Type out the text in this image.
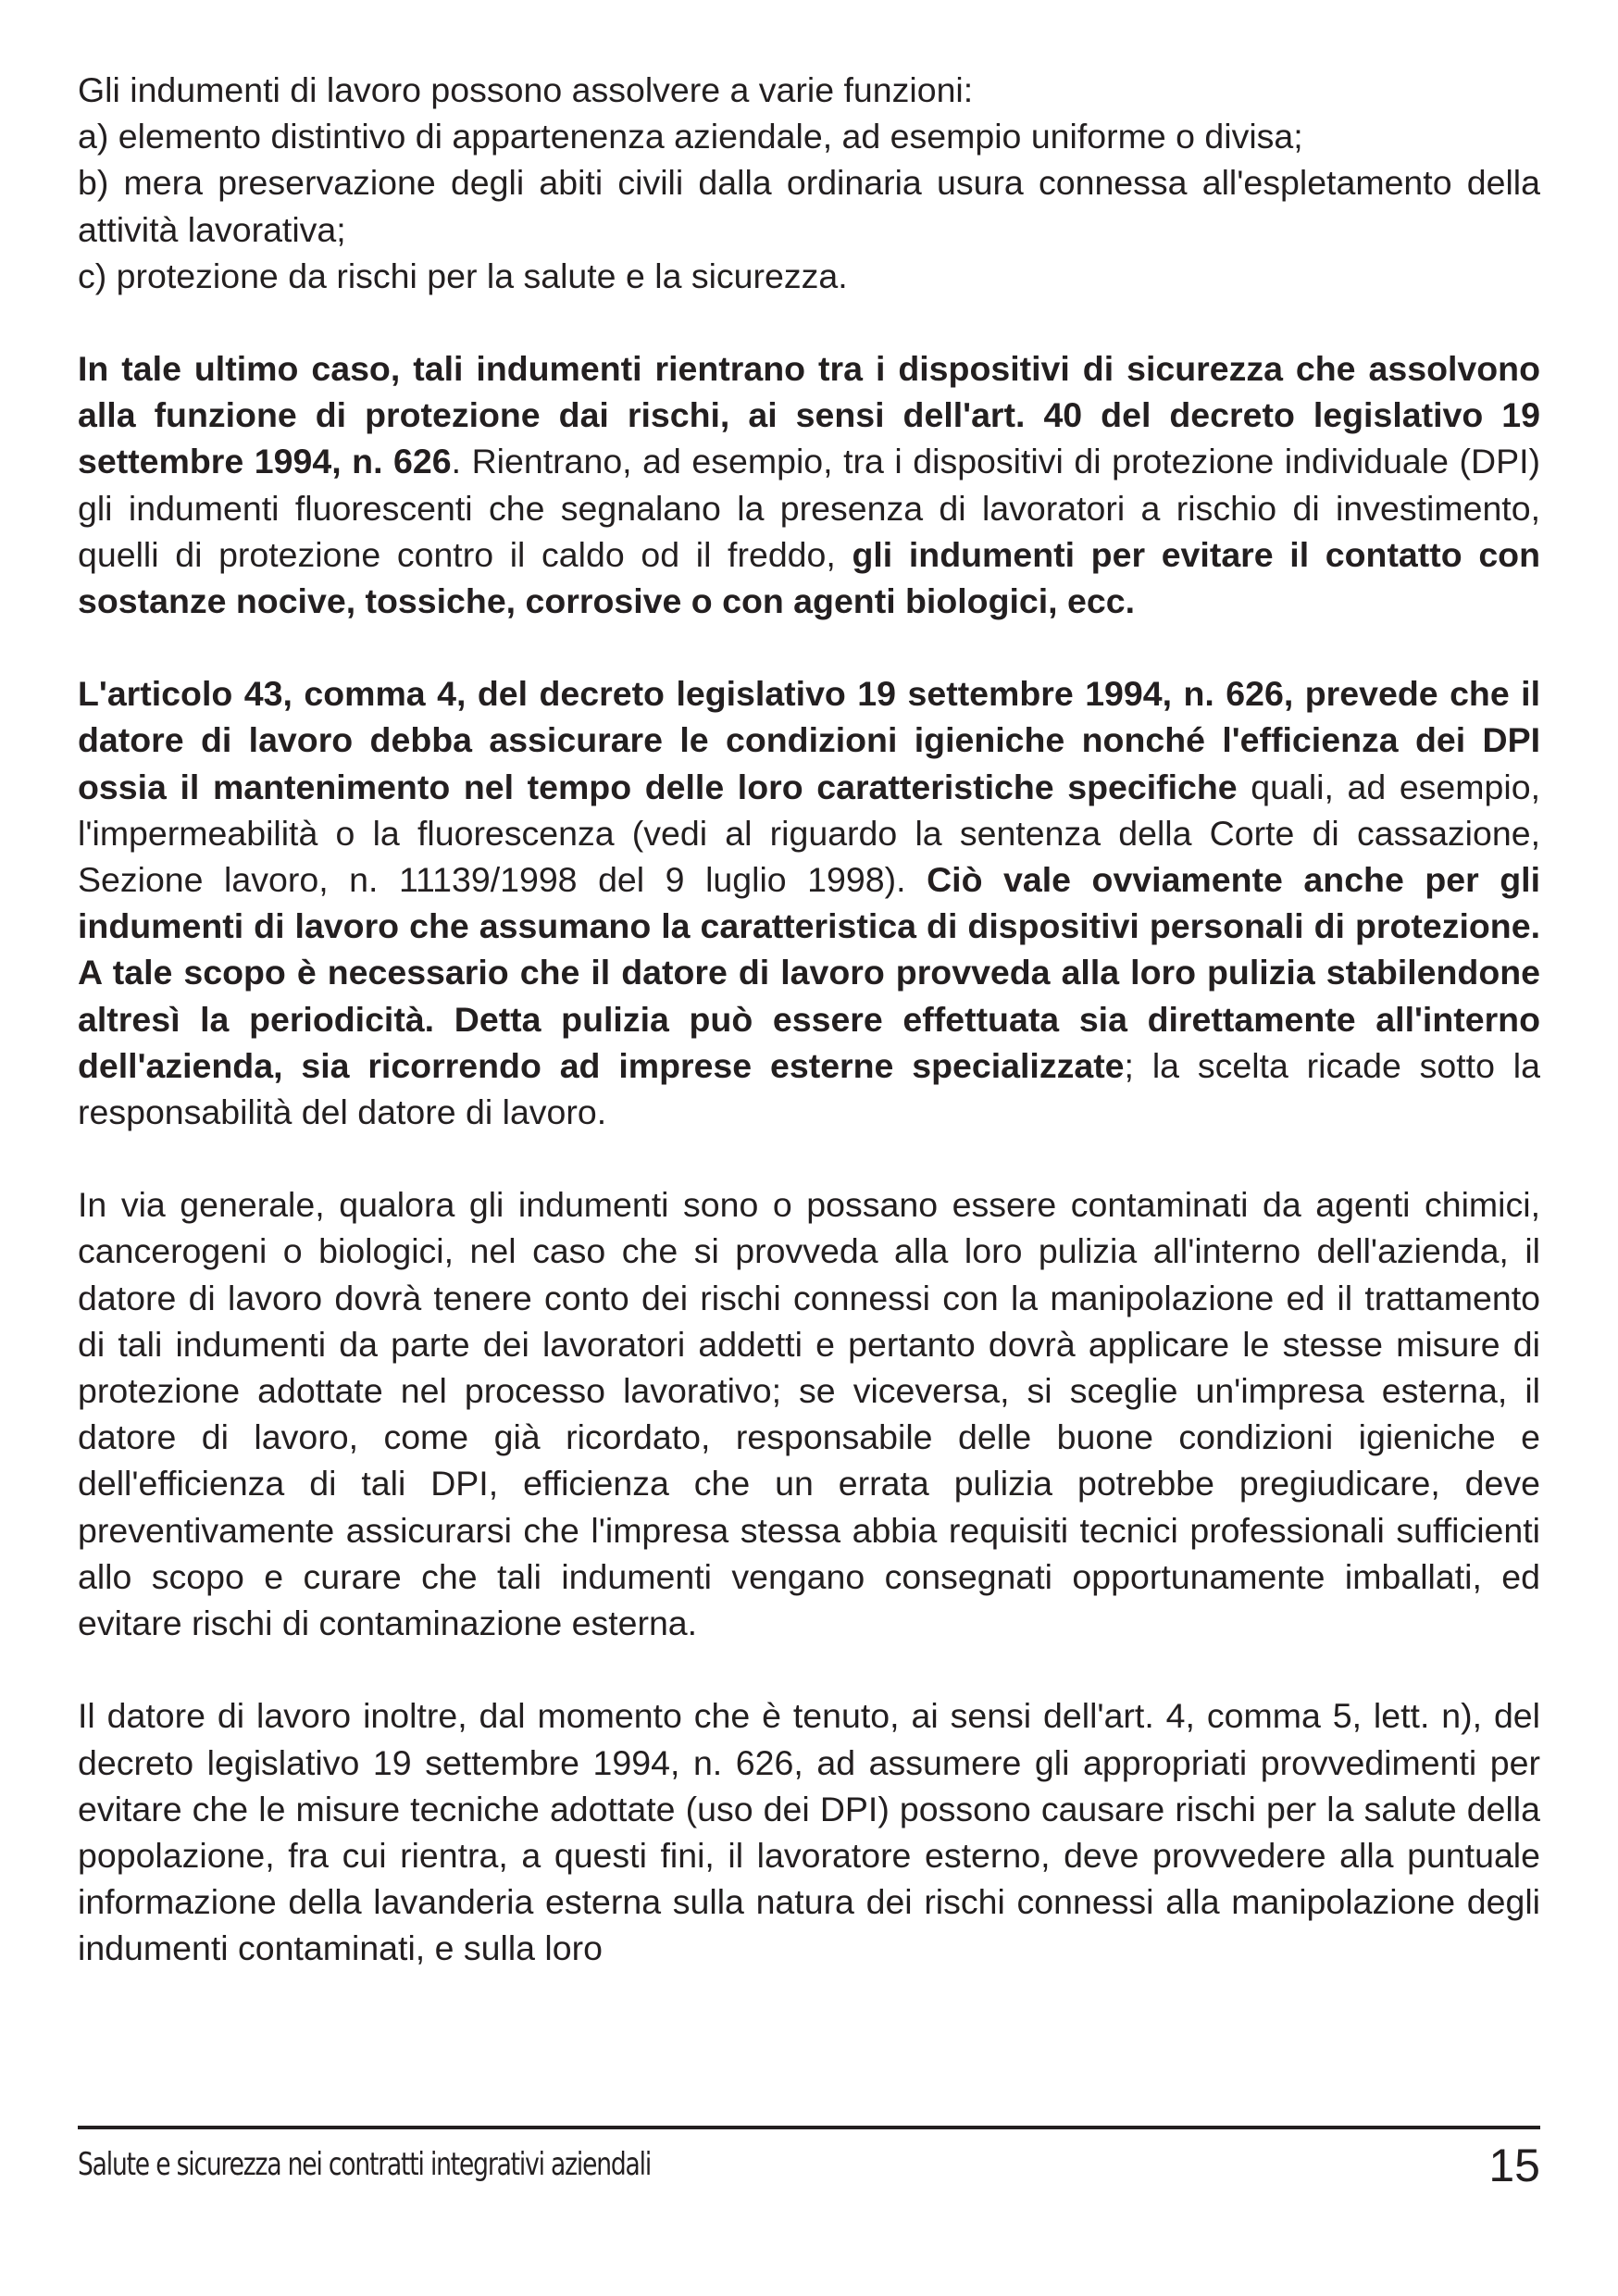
Gli indumenti di lavoro possono assolvere a varie funzioni:
a) elemento distintivo di appartenenza aziendale, ad esempio uniforme o divisa;
b) mera preservazione degli abiti civili dalla ordinaria usura connessa all'espletamento della attività lavorativa;
c) protezione da rischi per la salute e la sicurezza.

In tale ultimo caso, tali indumenti rientrano tra i dispositivi di sicurezza che assolvono alla funzione di protezione dai rischi, ai sensi dell'art. 40 del decreto legislativo 19 settembre 1994, n. 626. Rientrano, ad esempio, tra i dispositivi di protezione individuale (DPI) gli indumenti fluorescenti che segnalano la presenza di lavoratori a rischio di investimento, quelli di protezione contro il caldo od il freddo, gli indumenti per evitare il contatto con sostanze nocive, tossiche, corrosive o con agenti biologici, ecc.

L'articolo 43, comma 4, del decreto legislativo 19 settembre 1994, n. 626, prevede che il datore di lavoro debba assicurare le condizioni igieniche nonché l'efficienza dei DPI ossia il mantenimento nel tempo delle loro caratteristiche specifiche quali, ad esempio, l'impermeabilità o la fluorescenza (vedi al riguardo la sentenza della Corte di cassazione, Sezione lavoro, n. 11139/1998 del 9 luglio 1998). Ciò vale ovviamente anche per gli indumenti di lavoro che assumano la caratteristica di dispositivi personali di protezione. A tale scopo è necessario che il datore di lavoro provveda alla loro pulizia stabilendone altresì la periodicità. Detta pulizia può essere effettuata sia direttamente all'interno dell'azienda, sia ricorrendo ad imprese esterne specializzate; la scelta ricade sotto la responsabilità del datore di lavoro.

In via generale, qualora gli indumenti sono o possano essere contaminati da agenti chimici, cancerogeni o biologici, nel caso che si provveda alla loro pulizia all'interno dell'azienda, il datore di lavoro dovrà tenere conto dei rischi connessi con la manipolazione ed il trattamento di tali indumenti da parte dei lavoratori addetti e pertanto dovrà applicare le stesse misure di protezione adottate nel processo lavorativo; se viceversa, si sceglie un'impresa esterna, il datore di lavoro, come già ricordato, responsabile delle buone condizioni igieniche e dell'efficienza di tali DPI, efficienza che un errata pulizia potrebbe pregiudicare, deve preventivamente assicurarsi che l'impresa stessa abbia requisiti tecnici professionali sufficienti allo scopo e curare che tali indumenti vengano consegnati opportunamente imballati, ed evitare rischi di contaminazione esterna.

Il datore di lavoro inoltre, dal momento che è tenuto, ai sensi dell'art. 4, comma 5, lett. n), del decreto legislativo 19 settembre 1994, n. 626, ad assumere gli appropriati provvedimenti per evitare che le misure tecniche adottate (uso dei DPI) possono causare rischi per la salute della popolazione, fra cui rientra, a questi fini, il lavoratore esterno, deve provvedere alla puntuale informazione della lavanderia esterna sulla natura dei rischi connessi alla manipolazione degli indumenti contaminati, e sulla loro

Salute e sicurezza nei contratti integrativi aziendali	15
